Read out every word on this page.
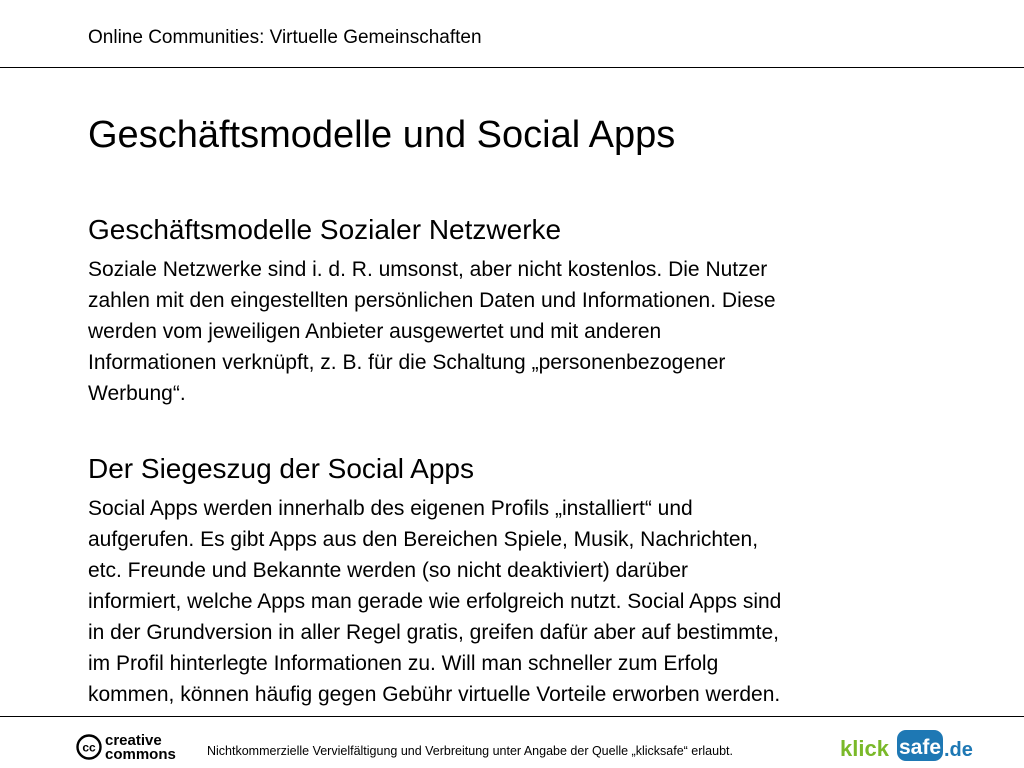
Online Communities: Virtuelle Gemeinschaften
Geschäftsmodelle und Social Apps
Geschäftsmodelle Sozialer Netzwerke

Soziale Netzwerke sind i. d. R. umsonst, aber nicht kostenlos. Die Nutzer
zahlen mit den eingestellten persönlichen Daten und Informationen. Diese
werden vom jeweiligen Anbieter ausgewertet und mit anderen
Informationen verknüpft, z. B. für die Schaltung „personenbezogener
Werbung“.

Der Siegeszug der Social Apps

Social Apps werden innerhalb des eigenen Profils „installiert“ und
aufgerufen. Es gibt Apps aus den Bereichen Spiele, Musik, Nachrichten,
etc. Freunde und Bekannte werden (so nicht deaktiviert) darüber
informiert, welche Apps man gerade wie erfolgreich nutzt. Social Apps sind
in der Grundversion in aller Regel gratis, greifen dafür aber auf bestimmte,
im Profil hinterlegte Informationen zu. Will man schneller zum Erfolg
kommen, können häufig gegen Gebühr virtuelle Vorteile erworben werden.

cc creative
commons Nichtkommerzielle Vervielfältigung und Verbreitung unter Angabe der Quelle „klicksafe“ erlaubt.	klick safe .de
